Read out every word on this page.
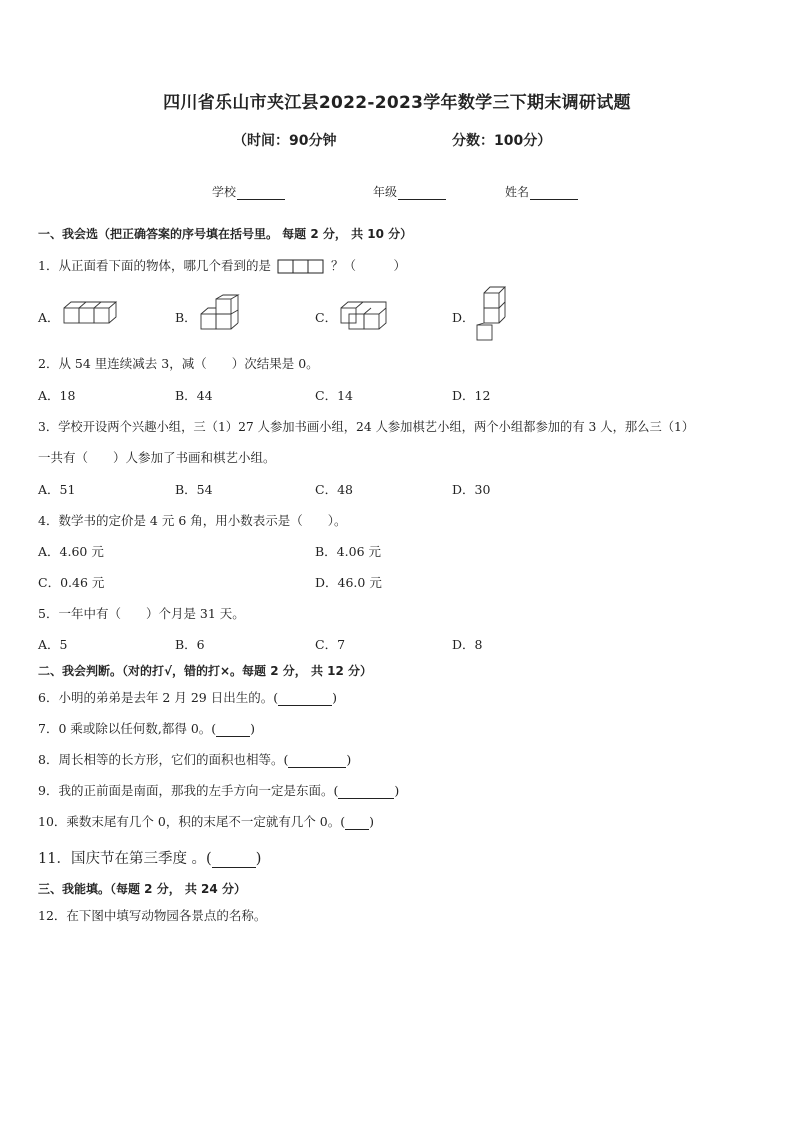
四川省乐山市夹江县2022-2023学年数学三下期末调研试题
（时间：90分钟	分数：100分）
学校	年级	姓名
一、我会选（把正确答案的序号填在括号里。 每题 2 分， 共 10 分）
1．从正面看下面的物体，哪几个看到的是	？（　　　）
A．	B．	C．	D．
2．从 54 里连续减去 3，减（　　）次结果是 0。
A．18	B．44	C．14	D．12
3．学校开设两个兴趣小组，三（1）27 人参加书画小组，24 人参加棋艺小组，两个小组都参加的有 3 人，那么三（1）
一共有（　　）人参加了书画和棋艺小组。
A．51	B．54	C．48	D．30
4．数学书的定价是 4 元 6 角，用小数表示是（　　）。
A．4.60 元	B．4.06 元
C．0.46 元	D．46.0 元
5．一年中有（　　）个月是 31 天。
A．5	B．6	C．7	D．8
二、我会判断。（对的打√，错的打×。每题 2 分， 共 12 分）
6．小明的弟弟是去年 2 月 29 日出生的。(	)
7．0 乘或除以任何数,都得 0。(	)
8．周长相等的长方形，它们的面积也相等。(	)
9．我的正前面是南面，那我的左手方向一定是东面。(	)
10．乘数末尾有几个 0，积的末尾不一定就有几个 0。( )
11．国庆节在第三季度 。(	)
三、我能填。（每题 2 分， 共 24 分）
12．在下图中填写动物园各景点的名称。
